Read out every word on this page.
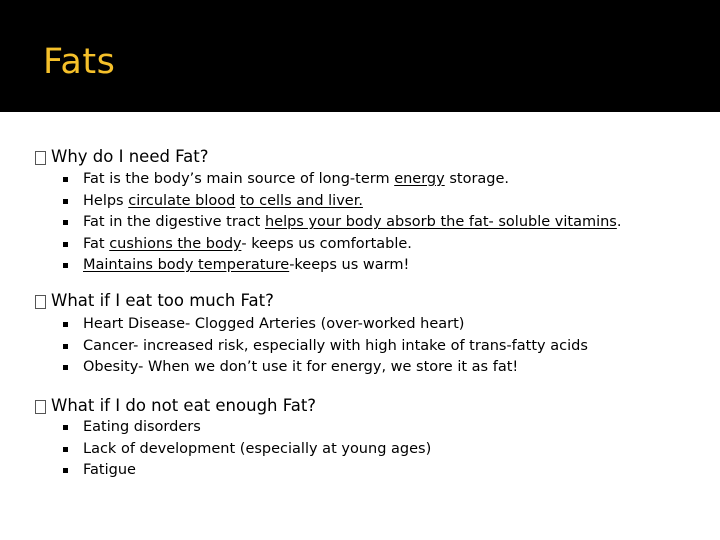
Fats
Why do I need Fat?
Fat is the body’s main source of long-term energy storage.
Helps circulate blood to cells and liver.
Fat in the digestive tract helps your body absorb the fat- soluble vitamins.
Fat cushions the body- keeps us comfortable.
Maintains body temperature-keeps us warm!
What if I eat too much Fat?
Heart Disease- Clogged Arteries (over-worked heart)
Cancer- increased risk, especially with high intake of trans-fatty acids
Obesity- When we don’t use it for energy, we store it as fat!
What if I do not eat enough Fat?
Eating disorders
Lack of development (especially at young ages)
Fatigue
